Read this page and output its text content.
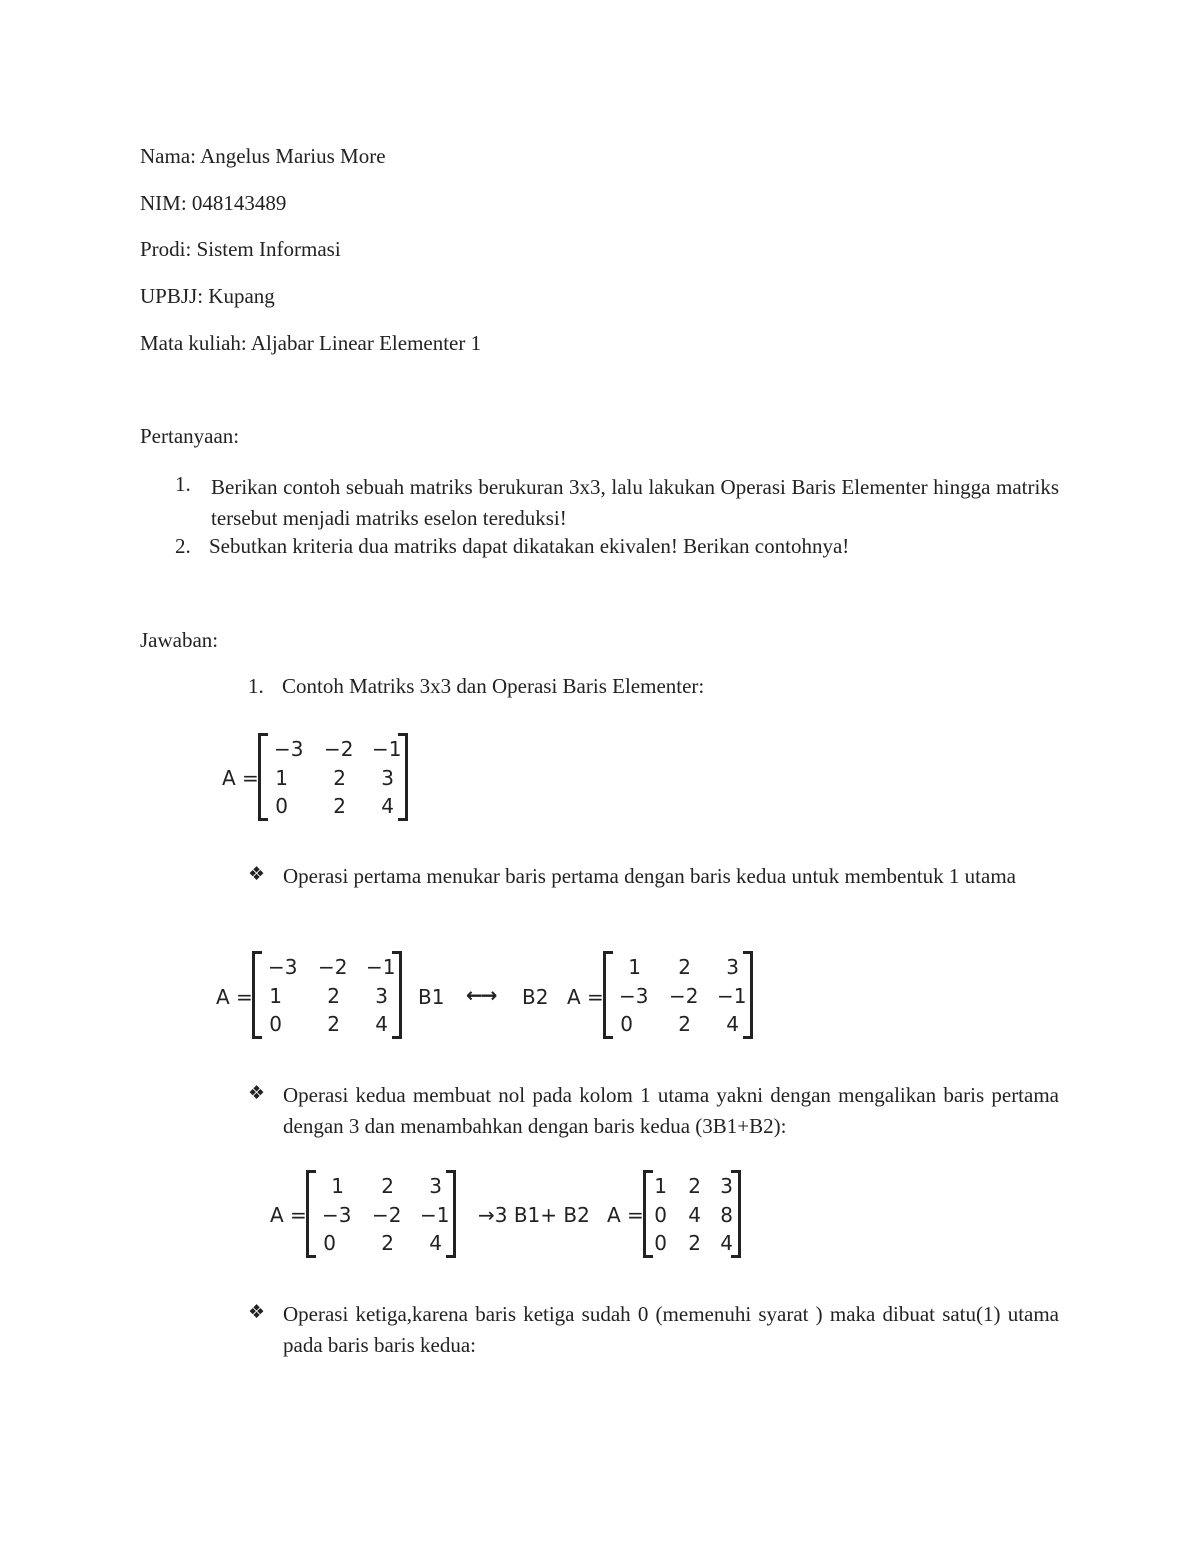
Nama: Angelus Marius More
NIM: 048143489
Prodi: Sistem Informasi
UPBJJ: Kupang
Mata kuliah: Aljabar Linear Elementer 1
Pertanyaan:
1. Berikan contoh sebuah matriks berukuran 3x3, lalu lakukan Operasi Baris Elementer hingga matriks tersebut menjadi matriks eselon tereduksi!
2. Sebutkan kriteria dua matriks dapat dikatakan ekivalen! Berikan contohnya!
Jawaban:
1. Contoh Matriks 3x3 dan Operasi Baris Elementer:
A =
−3 −2 −1
1	2	3
0	2	4
❖ Operasi pertama menukar baris pertama dengan baris kedua untuk membentuk 1 utama
A =
−3 −2 −1
1	2	3
0	2	4
B1 ←→ B2 A =
1	2	3
−3 −2 −1
0	2	4
❖ Operasi kedua membuat nol pada kolom 1 utama yakni dengan mengalikan baris pertama dengan 3 dan menambahkan dengan baris kedua (3B1+B2):
A =
1	2	3
−3 −2 −1
0	2	4
→3 B1+ B2 A =
1 2 3
0 4 8
0 2 4
❖ Operasi ketiga,karena baris ketiga sudah 0 (memenuhi syarat ) maka dibuat satu(1) utama pada baris baris kedua:
